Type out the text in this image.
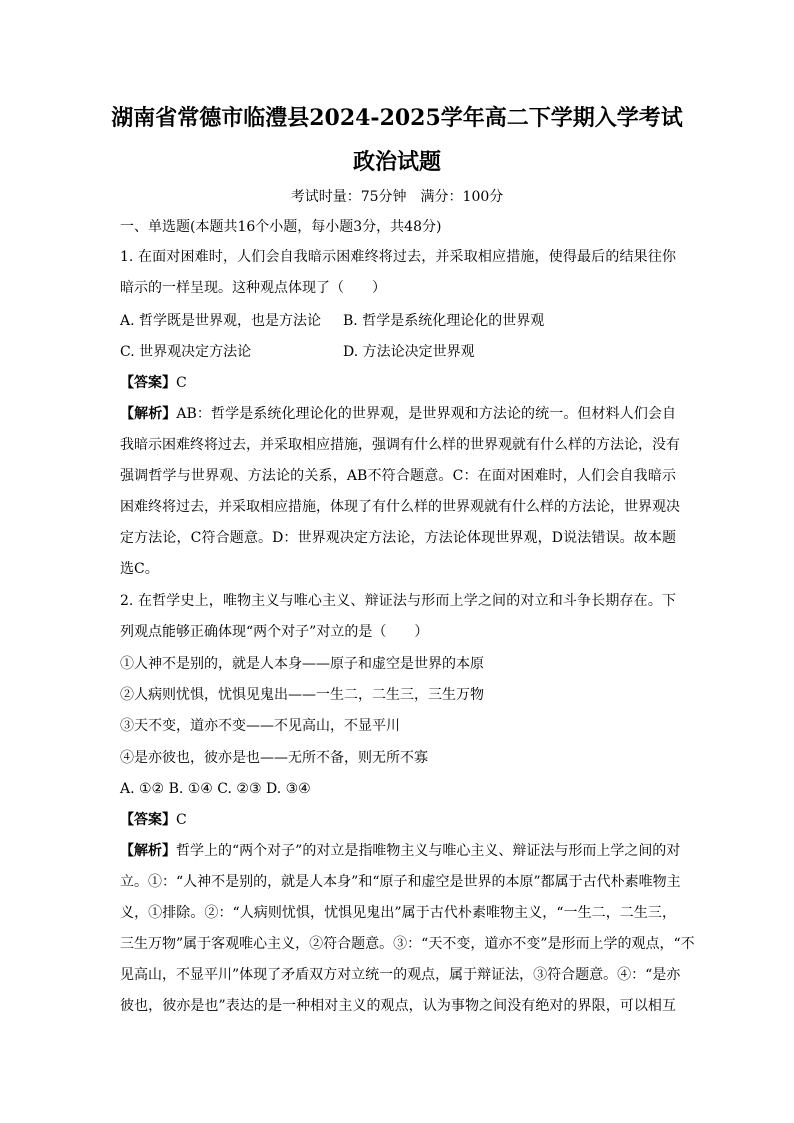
湖南省常德市临澧县2024-2025学年高二下学期入学考试
政治试题
考试时量：75分钟　满分：100分
一、单选题(本题共16个小题，每小题3分，共48分)
1. 在面对困难时，人们会自我暗示困难终将过去，并采取相应措施，使得最后的结果往你
暗示的一样呈现。这种观点体现了（　　）
A. 哲学既是世界观，也是方法论 B. 哲学是系统化理论化的世界观
C. 世界观决定方法论	D. 方法论决定世界观
【答案】C
【解析】AB：哲学是系统化理论化的世界观，是世界观和方法论的统一。但材料人们会自
我暗示困难终将过去，并采取相应措施，强调有什么样的世界观就有什么样的方法论，没有
强调哲学与世界观、方法论的关系，AB不符合题意。C：在面对困难时，人们会自我暗示
困难终将过去，并采取相应措施，体现了有什么样的世界观就有什么样的方法论，世界观决
定方法论，C符合题意。D：世界观决定方法论，方法论体现世界观，D说法错误。故本题
选C。
2. 在哲学史上，唯物主义与唯心主义、辩证法与形而上学之间的对立和斗争长期存在。下
列观点能够正确体现“两个对子”对立的是（　　）
①人神不是别的，就是人本身——原子和虚空是世界的本原
②人病则忧惧，忧惧见鬼出——一生二，二生三，三生万物
③天不变，道亦不变——不见高山，不显平川
④是亦彼也，彼亦是也——无所不备，则无所不寡
A. ①② B. ①④ C. ②③ D. ③④
【答案】C
【解析】哲学上的“两个对子”的对立是指唯物主义与唯心主义、辩证法与形而上学之间的对
立。①：“人神不是别的，就是人本身”和“原子和虚空是世界的本原”都属于古代朴素唯物主
义，①排除。②：“人病则忧惧，忧惧见鬼出”属于古代朴素唯物主义，“一生二，二生三，
三生万物”属于客观唯心主义，②符合题意。③：“天不变，道亦不变”是形而上学的观点，“不
见高山，不显平川”体现了矛盾双方对立统一的观点，属于辩证法，③符合题意。④：“是亦
彼也，彼亦是也”表达的是一种相对主义的观点，认为事物之间没有绝对的界限，可以相互
